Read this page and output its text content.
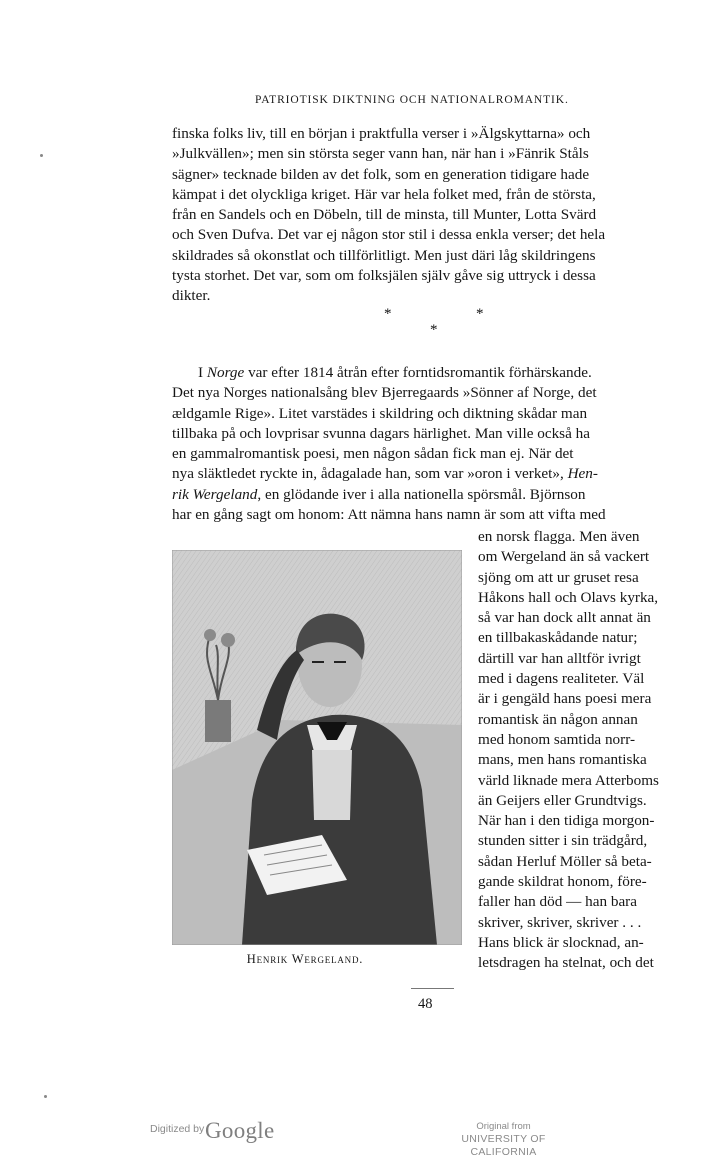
PATRIOTISK DIKTNING OCH NATIONALROMANTIK.

finska folks liv, till en början i praktfulla verser i »Älgskyttarna» och
»Julkvällen»; men sin största seger vann han, när han i »Fänrik Ståls
sägner» tecknade bilden av det folk, som en generation tidigare hade
kämpat i det olyckliga kriget. Här var hela folket med, från de största,
från en Sandels och en Döbeln, till de minsta, till Munter, Lotta Svärd
och Sven Dufva. Det var ej någon stor stil i dessa enkla verser; det hela
skildrades så okonstlat och tillförlitligt. Men just däri låg skildringens
tysta storhet. Det var, som om folksjälen själv gåve sig uttryck i dessa
dikter.

*	*
*

I Norge var efter 1814 åtrån efter forntidsromantik förhärskande.
Det nya Norges nationalsång blev Bjerregaards »Sönner af Norge, det
ældgamle Rige». Litet varstädes i skildring och diktning skådar man
tillbaka på och lovprisar svunna dagars härlighet. Man ville också ha
en gammalromantisk poesi, men någon sådan fick man ej. När det
nya släktledet ryckte in, ådagalade han, som var »oron i verket», Hen-
rik Wergeland, en glödande iver i alla nationella spörsmål. Björnson
har en gång sagt om honom: Att nämna hans namn är som att vifta med

Henrik Wergeland.

en norsk flagga. Men även
om Wergeland än så vackert
sjöng om att ur gruset resa
Håkons hall och Olavs kyrka,
så var han dock allt annat än
en tillbakaskådande natur;
därtill var han alltför ivrigt
med i dagens realiteter. Väl
är i gengäld hans poesi mera
romantisk än någon annan
med honom samtida norr-
mans, men hans romantiska
värld liknade mera Atterboms
än Geijers eller Grundtvigs.
När han i den tidiga morgon-
stunden sitter i sin trädgård,
sådan Herluf Möller så beta-
gande skildrat honom, före-
faller han död — han bara
skriver, skriver, skriver . . .
Hans blick är slocknad, an-
letsdragen ha stelnat, och det

48
Digitized by Google	Original from
UNIVERSITY OF CALIFORNIA
